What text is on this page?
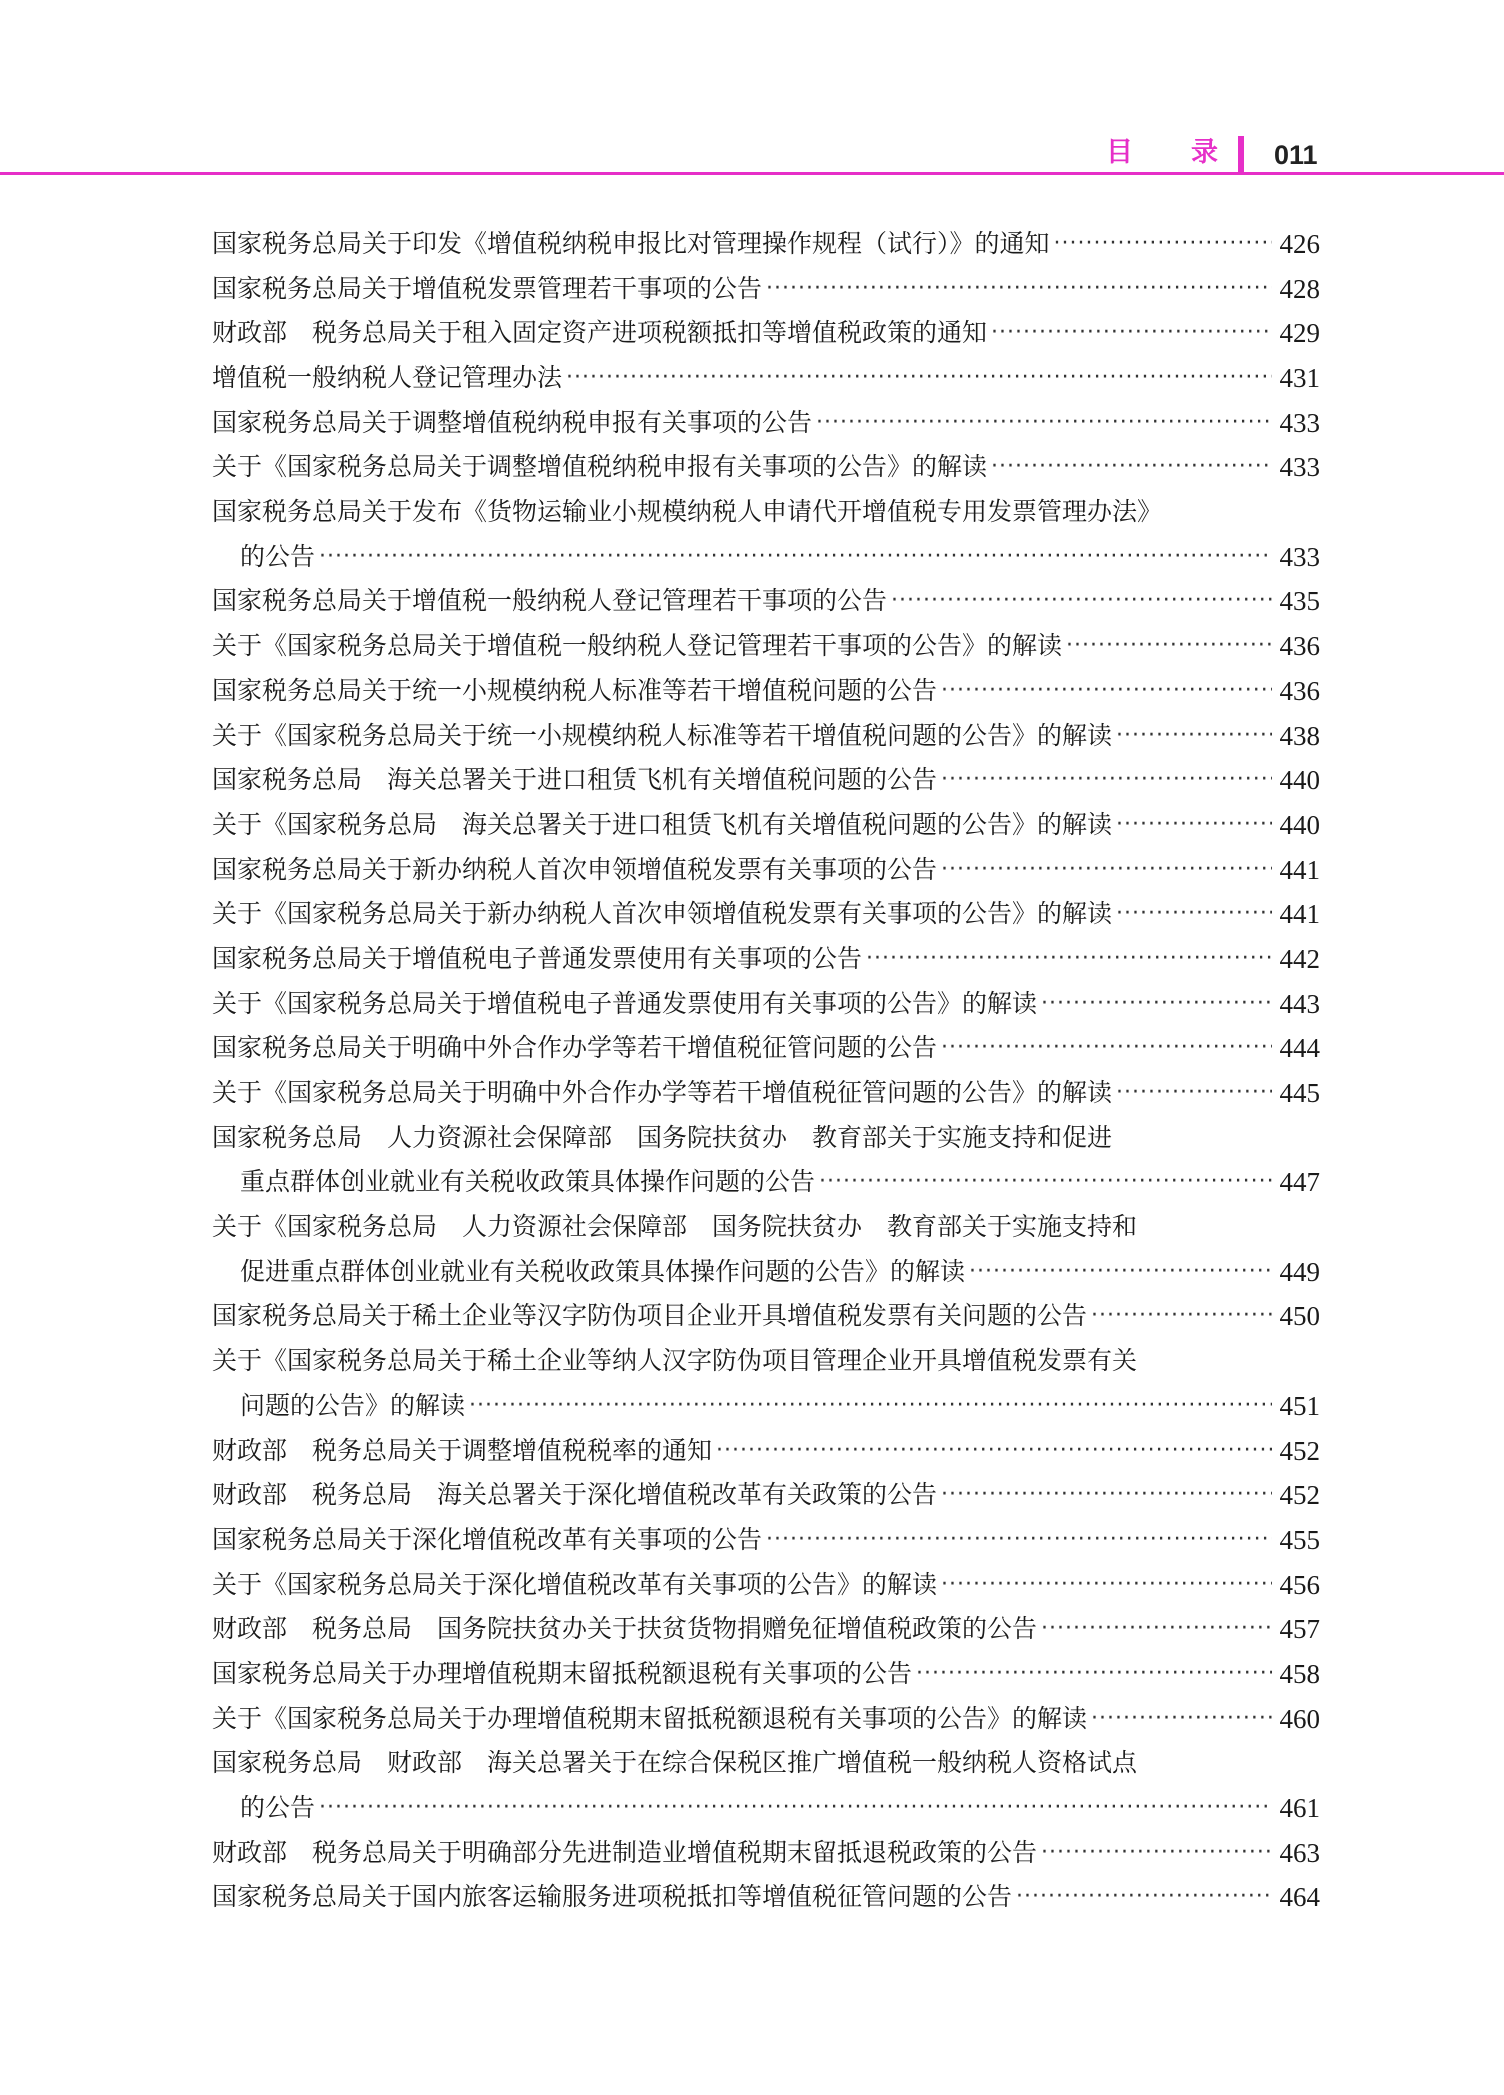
目 录 011
国家税务总局关于印发《增值税纳税申报比对管理操作规程（试行）》的通知 ·····	426
国家税务总局关于增值税发票管理若干事项的公告 ·····	428
财政部　税务总局关于租入固定资产进项税额抵扣等增值税政策的通知 ·····	429
增值税一般纳税人登记管理办法 ·····	431
国家税务总局关于调整增值税纳税申报有关事项的公告 ·····	433
关于《国家税务总局关于调整增值税纳税申报有关事项的公告》的解读 ·····	433
国家税务总局关于发布《货物运输业小规模纳税人申请代开增值税专用发票管理办法》
的公告 ·····	433
国家税务总局关于增值税一般纳税人登记管理若干事项的公告 ·····	435
关于《国家税务总局关于增值税一般纳税人登记管理若干事项的公告》的解读 ·····	436
国家税务总局关于统一小规模纳税人标准等若干增值税问题的公告 ·····	436
关于《国家税务总局关于统一小规模纳税人标准等若干增值税问题的公告》的解读 ·····	438
国家税务总局　海关总署关于进口租赁飞机有关增值税问题的公告 ·····	440
关于《国家税务总局　海关总署关于进口租赁飞机有关增值税问题的公告》的解读 ·····	440
国家税务总局关于新办纳税人首次申领增值税发票有关事项的公告 ·····	441
关于《国家税务总局关于新办纳税人首次申领增值税发票有关事项的公告》的解读 ·····	441
国家税务总局关于增值税电子普通发票使用有关事项的公告 ·····	442
关于《国家税务总局关于增值税电子普通发票使用有关事项的公告》的解读 ·····	443
国家税务总局关于明确中外合作办学等若干增值税征管问题的公告 ·····	444
关于《国家税务总局关于明确中外合作办学等若干增值税征管问题的公告》的解读 ·····	445
国家税务总局　人力资源社会保障部　国务院扶贫办　教育部关于实施支持和促进
重点群体创业就业有关税收政策具体操作问题的公告 ·····	447
关于《国家税务总局　人力资源社会保障部　国务院扶贫办　教育部关于实施支持和
促进重点群体创业就业有关税收政策具体操作问题的公告》的解读 ·····	449
国家税务总局关于稀土企业等汉字防伪项目企业开具增值税发票有关问题的公告 ·····	450
关于《国家税务总局关于稀土企业等纳人汉字防伪项目管理企业开具增值税发票有关
问题的公告》的解读 ·····	451
财政部　税务总局关于调整增值税税率的通知 ·····	452
财政部　税务总局　海关总署关于深化增值税改革有关政策的公告 ·····	452
国家税务总局关于深化增值税改革有关事项的公告 ·····	455
关于《国家税务总局关于深化增值税改革有关事项的公告》的解读 ·····	456
财政部　税务总局　国务院扶贫办关于扶贫货物捐赠免征增值税政策的公告 ·····	457
国家税务总局关于办理增值税期末留抵税额退税有关事项的公告 ·····	458
关于《国家税务总局关于办理增值税期末留抵税额退税有关事项的公告》的解读 ·····	460
国家税务总局　财政部　海关总署关于在综合保税区推广增值税一般纳税人资格试点
的公告 ·····	461
财政部　税务总局关于明确部分先进制造业增值税期末留抵退税政策的公告 ·····	463
国家税务总局关于国内旅客运输服务进项税抵扣等增值税征管问题的公告 ·····	464
